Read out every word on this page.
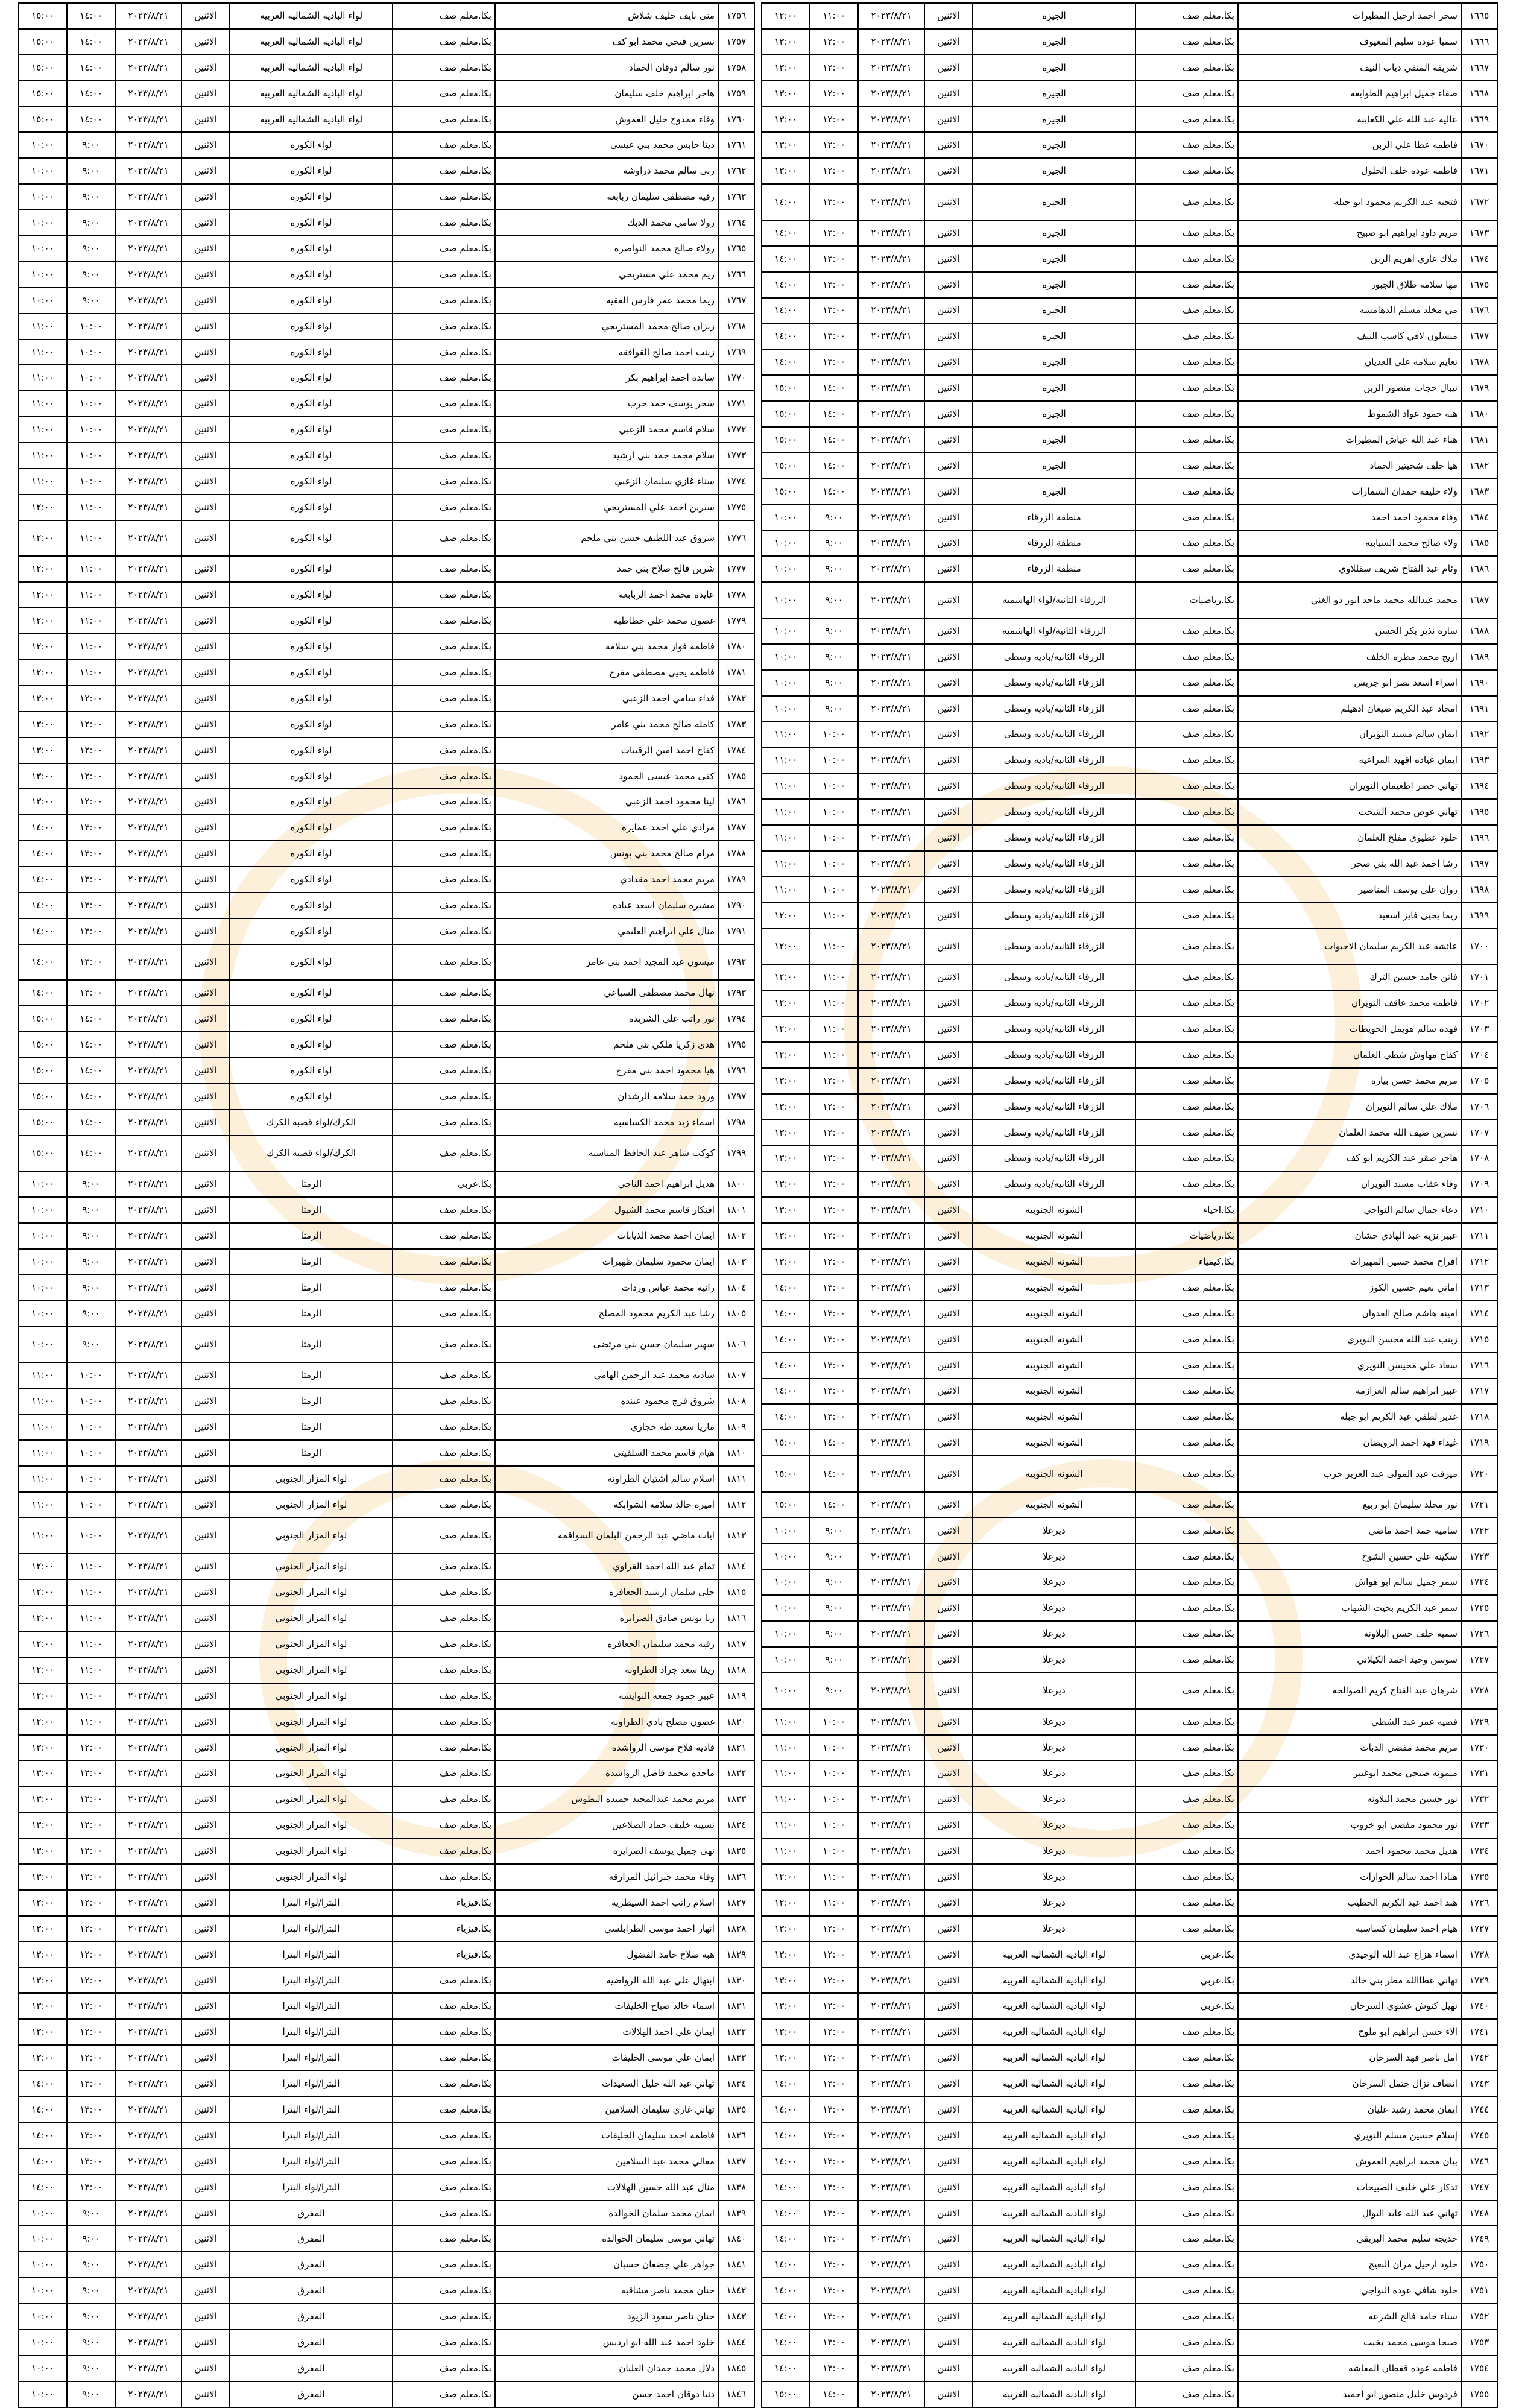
١٦٦٥	سحر احمد ارحيل المطيرات	بكا.معلم صف	الجيزه	الاثنين	٢٠٢٣/٨/٢١	١١:٠٠	١٢:٠٠
١٦٦٦	سميا عوده سليم المعيوف	بكا.معلم صف	الجيزه	الاثنين	٢٠٢٣/٨/٢١	١٢:٠٠	١٣:٠٠
١٦٦٧	شريفه المنقي دياب النيف	بكا.معلم صف	الجيزه	الاثنين	٢٠٢٣/٨/٢١	١٢:٠٠	١٣:٠٠
١٦٦٨	صفاء جميل ابراهيم الطوايعه	بكا.معلم صف	الجيزه	الاثنين	٢٠٢٣/٨/٢١	١٢:٠٠	١٣:٠٠
١٦٦٩	عاليه عبد الله علي الكعابنه	بكا.معلم صف	الجيزه	الاثنين	٢٠٢٣/٨/٢١	١٢:٠٠	١٣:٠٠
١٦٧٠	فاطمه عطا علي الزبن	بكا.معلم صف	الجيزه	الاثنين	٢٠٢٣/٨/٢١	١٢:٠٠	١٣:٠٠
١٦٧١	فاطمه عوده خلف الحلول	بكا.معلم صف	الجيزه	الاثنين	٢٠٢٣/٨/٢١	١٢:٠٠	١٣:٠٠
١٦٧٢	فتحيه عبد الكريم محمود ابو جبله	بكا.معلم صف	الجيزه	الاثنين	٢٠٢٣/٨/٢١	١٣:٠٠	١٤:٠٠
١٦٧٣	مريم داود ابراهيم ابو صبيح	بكا.معلم صف	الجيزه	الاثنين	٢٠٢٣/٨/٢١	١٣:٠٠	١٤:٠٠
١٦٧٤	ملاك غازي اهزيم الزبن	بكا.معلم صف	الجيزه	الاثنين	٢٠٢٣/٨/٢١	١٣:٠٠	١٤:٠٠
١٦٧٥	مها سلامه طلاق الجبور	بكا.معلم صف	الجيزه	الاثنين	٢٠٢٣/٨/٢١	١٣:٠٠	١٤:٠٠
١٦٧٦	مي مخلد مسلم الدهامشه	بكا.معلم صف	الجيزه	الاثنين	٢٠٢٣/٨/٢١	١٣:٠٠	١٤:٠٠
١٦٧٧	ميسلون لافي كاسب النيف	بكا.معلم صف	الجيزه	الاثنين	٢٠٢٣/٨/٢١	١٣:٠٠	١٤:٠٠
١٦٧٨	نعايم سلامه علي العديان	بكا.معلم صف	الجيزه	الاثنين	٢٠٢٣/٨/٢١	١٣:٠٠	١٤:٠٠
١٦٧٩	نيبال حجاب منصور الزبن	بكا.معلم صف	الجيزه	الاثنين	٢٠٢٣/٨/٢١	١٤:٠٠	١٥:٠٠
١٦٨٠	هبه حمود عواد الشموط	بكا.معلم صف	الجيزه	الاثنين	٢٠٢٣/٨/٢١	١٤:٠٠	١٥:٠٠
١٦٨١	هناء عبد الله عياش المطيرات	بكا.معلم صف	الجيزه	الاثنين	٢٠٢٣/٨/٢١	١٤:٠٠	١٥:٠٠
١٦٨٢	هيا خلف شخيتير الحماد	بكا.معلم صف	الجيزه	الاثنين	٢٠٢٣/٨/٢١	١٤:٠٠	١٥:٠٠
١٦٨٣	ولاء خليفه حمدان السمارات	بكا.معلم صف	الجيزه	الاثنين	٢٠٢٣/٨/٢١	١٤:٠٠	١٥:٠٠
١٦٨٤	وفاء محمود احمد احمد	بكا.معلم صف	منطقة الزرقاء	الاثنين	٢٠٢٣/٨/٢١	٩:٠٠	١٠:٠٠
١٦٨٥	ولاء صالح محمد السبابيه	بكا.معلم صف	منطقة الزرقاء	الاثنين	٢٠٢٣/٨/٢١	٩:٠٠	١٠:٠٠
١٦٨٦	وئام عبد الفتاح شريف سقللاوي	بكا.معلم صف	منطقة الزرقاء	الاثنين	٢٠٢٣/٨/٢١	٩:٠٠	١٠:٠٠
١٦٨٧	محمد عبدالله محمد ماجد انور ذو الغني	بكا.رياضيات	الزرقاء الثانيه/لواء الهاشميه	الاثنين	٢٠٢٣/٨/٢١	٩:٠٠	١٠:٠٠
١٦٨٨	ساره نذير بكر الحسن	بكا.معلم صف	الزرقاء الثانيه/لواء الهاشميه	الاثنين	٢٠٢٣/٨/٢١	٩:٠٠	١٠:٠٠
١٦٨٩	اريج محمد مطره الخلف	بكا.معلم صف	الزرقاء الثانيه/باديه وسطى	الاثنين	٢٠٢٣/٨/٢١	٩:٠٠	١٠:٠٠
١٦٩٠	اسراء اسعد نصر ابو جريس	بكا.معلم صف	الزرقاء الثانيه/باديه وسطى	الاثنين	٢٠٢٣/٨/٢١	٩:٠٠	١٠:٠٠
١٦٩١	امجاد عبد الكريم ضيعان ادهيلم	بكا.معلم صف	الزرقاء الثانيه/باديه وسطى	الاثنين	٢٠٢٣/٨/٢١	٩:٠٠	١٠:٠٠
١٦٩٢	ايمان سالم مسند النويران	بكا.معلم صف	الزرقاء الثانيه/باديه وسطى	الاثنين	٢٠٢٣/٨/٢١	١٠:٠٠	١١:٠٠
١٦٩٣	ايمان عياده اقهيد المراعيه	بكا.معلم صف	الزرقاء الثانيه/باديه وسطى	الاثنين	٢٠٢٣/٨/٢١	١٠:٠٠	١١:٠٠
١٦٩٤	تهاني خضر اطعيمان النويران	بكا.معلم صف	الزرقاء الثانيه/باديه وسطى	الاثنين	٢٠٢٣/٨/٢١	١٠:٠٠	١١:٠٠
١٦٩٥	تهاني عوض محمد الشحت	بكا.معلم صف	الزرقاء الثانيه/باديه وسطى	الاثنين	٢٠٢٣/٨/٢١	١٠:٠٠	١١:٠٠
١٦٩٦	خلود عطيوي مفلح العلمان	بكا.معلم صف	الزرقاء الثانيه/باديه وسطى	الاثنين	٢٠٢٣/٨/٢١	١٠:٠٠	١١:٠٠
١٦٩٧	رشا احمد عبد الله بني صخر	بكا.معلم صف	الزرقاء الثانيه/باديه وسطى	الاثنين	٢٠٢٣/٨/٢١	١٠:٠٠	١١:٠٠
١٦٩٨	روان علي يوسف المناصير	بكا.معلم صف	الزرقاء الثانيه/باديه وسطى	الاثنين	٢٠٢٣/٨/٢١	١٠:٠٠	١١:٠٠
١٦٩٩	ريما يحيى فايز اسعيد	بكا.معلم صف	الزرقاء الثانيه/باديه وسطى	الاثنين	٢٠٢٣/٨/٢١	١١:٠٠	١٢:٠٠
١٧٠٠	عائشه عبد الكريم سليمان الاحيوات	بكا.معلم صف	الزرقاء الثانيه/باديه وسطى	الاثنين	٢٠٢٣/٨/٢١	١١:٠٠	١٢:٠٠
١٧٠١	فاتن حامد حسين الترك	بكا.معلم صف	الزرقاء الثانيه/باديه وسطى	الاثنين	٢٠٢٣/٨/٢١	١١:٠٠	١٢:٠٠
١٧٠٢	فاطمه محمد عاقف النويران	بكا.معلم صف	الزرقاء الثانيه/باديه وسطى	الاثنين	٢٠٢٣/٨/٢١	١١:٠٠	١٢:٠٠
١٧٠٣	فهده سالم هويمل الحويطات	بكا.معلم صف	الزرقاء الثانيه/باديه وسطى	الاثنين	٢٠٢٣/٨/٢١	١١:٠٠	١٢:٠٠
١٧٠٤	كفاح مهاوش شطي العلمان	بكا.معلم صف	الزرقاء الثانيه/باديه وسطى	الاثنين	٢٠٢٣/٨/٢١	١١:٠٠	١٢:٠٠
١٧٠٥	مريم محمد حسن بياره	بكا.معلم صف	الزرقاء الثانيه/باديه وسطى	الاثنين	٢٠٢٣/٨/٢١	١٢:٠٠	١٣:٠٠
١٧٠٦	ملاك علي سالم النويران	بكا.معلم صف	الزرقاء الثانيه/باديه وسطى	الاثنين	٢٠٢٣/٨/٢١	١٢:٠٠	١٣:٠٠
١٧٠٧	نسرين ضيف الله محمد العلمان	بكا.معلم صف	الزرقاء الثانيه/باديه وسطى	الاثنين	٢٠٢٣/٨/٢١	١٢:٠٠	١٣:٠٠
١٧٠٨	هاجر صقر عبد الكريم ابو كف	بكا.معلم صف	الزرقاء الثانيه/باديه وسطى	الاثنين	٢٠٢٣/٨/٢١	١٢:٠٠	١٣:٠٠
١٧٠٩	وفاء عقاب مسند النويران	بكا.معلم صف	الزرقاء الثانيه/باديه وسطى	الاثنين	٢٠٢٣/٨/٢١	١٢:٠٠	١٣:٠٠
١٧١٠	دعاء جمال سالم النواجي	بكا.احياء	الشونه الجنوبيه	الاثنين	٢٠٢٣/٨/٢١	١٢:٠٠	١٣:٠٠
١٧١١	عبير نزيه عبد الهادي خشان	بكا.رياضيات	الشونه الجنوبيه	الاثنين	٢٠٢٣/٨/٢١	١٢:٠٠	١٣:٠٠
١٧١٢	افراح محمد حسين المهيرات	بكا.كيمياء	الشونه الجنوبيه	الاثنين	٢٠٢٣/٨/٢١	١٢:٠٠	١٣:٠٠
١٧١٣	اماني نعيم حسين الكوز	بكا.معلم صف	الشونه الجنوبيه	الاثنين	٢٠٢٣/٨/٢١	١٣:٠٠	١٤:٠٠
١٧١٤	امينه هاشم صالح العدوان	بكا.معلم صف	الشونه الجنوبيه	الاثنين	٢٠٢٣/٨/٢١	١٣:٠٠	١٤:٠٠
١٧١٥	زينب عبد الله محسن النويري	بكا.معلم صف	الشونه الجنوبيه	الاثنين	٢٠٢٣/٨/٢١	١٣:٠٠	١٤:٠٠
١٧١٦	سعاد علي محيسن النويري	بكا.معلم صف	الشونه الجنوبيه	الاثنين	٢٠٢٣/٨/٢١	١٣:٠٠	١٤:٠٠
١٧١٧	عبير ابراهيم سالم العزازمه	بكا.معلم صف	الشونه الجنوبيه	الاثنين	٢٠٢٣/٨/٢١	١٣:٠٠	١٤:٠٠
١٧١٨	غدير لطفي عبد الكريم ابو جبله	بكا.معلم صف	الشونه الجنوبيه	الاثنين	٢٠٢٣/٨/٢١	١٣:٠٠	١٤:٠٠
١٧١٩	غيداء فهد احمد الرويضان	بكا.معلم صف	الشونه الجنوبيه	الاثنين	٢٠٢٣/٨/٢١	١٤:٠٠	١٥:٠٠
١٧٢٠	ميرفت عبد المولى عبد العزيز حرب	بكا.معلم صف	الشونه الجنوبيه	الاثنين	٢٠٢٣/٨/٢١	١٤:٠٠	١٥:٠٠
١٧٢١	نور مخلد سليمان ابو ربيع	بكا.معلم صف	الشونه الجنوبيه	الاثنين	٢٠٢٣/٨/٢١	١٤:٠٠	١٥:٠٠
١٧٢٢	ساميه حمد احمد ماضي	بكا.معلم صف	ديرعلا	الاثنين	٢٠٢٣/٨/٢١	٩:٠٠	١٠:٠٠
١٧٢٣	سكينه علي حسين الشوح	بكا.معلم صف	ديرعلا	الاثنين	٢٠٢٣/٨/٢١	٩:٠٠	١٠:٠٠
١٧٢٤	سمر جميل سالم ابو هواش	بكا.معلم صف	ديرعلا	الاثنين	٢٠٢٣/٨/٢١	٩:٠٠	١٠:٠٠
١٧٢٥	سمر عبد الكريم بخيت الشهاب	بكا.معلم صف	ديرعلا	الاثنين	٢٠٢٣/٨/٢١	٩:٠٠	١٠:٠٠
١٧٢٦	سميه خلف حسن البلاونه	بكا.معلم صف	ديرعلا	الاثنين	٢٠٢٣/٨/٢١	٩:٠٠	١٠:٠٠
١٧٢٧	سوسن وحيد احمد الكيلاني	بكا.معلم صف	ديرعلا	الاثنين	٢٠٢٣/٨/٢١	٩:٠٠	١٠:٠٠
١٧٢٨	شرهان عبد القتاح كريم الصوالحه	بكا.معلم صف	ديرعلا	الاثنين	٢٠٢٣/٨/٢١	٩:٠٠	١٠:٠٠
١٧٢٩	فضيه عمر عبد الشطي	بكا.معلم صف	ديرعلا	الاثنين	٢٠٢٣/٨/٢١	١٠:٠٠	١١:٠٠
١٧٣٠	مريم محمد مفضي الدبات	بكا.معلم صف	ديرعلا	الاثنين	٢٠٢٣/٨/٢١	١٠:٠٠	١١:٠٠
١٧٣١	ميمونه صبحي محمد ابوغبير	بكا.معلم صف	ديرعلا	الاثنين	٢٠٢٣/٨/٢١	١٠:٠٠	١١:٠٠
١٧٣٢	نور حسين محمد البلاونه	بكا.معلم صف	ديرعلا	الاثنين	٢٠٢٣/٨/٢١	١٠:٠٠	١١:٠٠
١٧٣٣	نور محمود مفضي ابو خروب	بكا.معلم صف	ديرعلا	الاثنين	٢٠٢٣/٨/٢١	١٠:٠٠	١١:٠٠
١٧٣٤	هديل محمد محمود احمد	بكا.معلم صف	ديرعلا	الاثنين	٢٠٢٣/٨/٢١	١٠:٠٠	١١:٠٠
١٧٣٥	هنادا احمد سالم الحوارات	بكا.معلم صف	ديرعلا	الاثنين	٢٠٢٣/٨/٢١	١١:٠٠	١٢:٠٠
١٧٣٦	هند احمد عبد الكريم الخطيب	بكا.معلم صف	ديرعلا	الاثنين	٢٠٢٣/٨/٢١	١١:٠٠	١٢:٠٠
١٧٣٧	هيام احمد سليمان كساسبه	بكا.معلم صف	ديرعلا	الاثنين	٢٠٢٣/٨/٢١	١٢:٠٠	١٣:٠٠
١٧٣٨	اسماء هزاع عبد الله الوحيدي	بكا.عربي	لواء الباديه الشماليه الغربيه	الاثنين	٢٠٢٣/٨/٢١	١٢:٠٠	١٣:٠٠
١٧٣٩	تهاني عطاالله مطر بني خالد	بكا.عربي	لواء الباديه الشماليه الغربيه	الاثنين	٢٠٢٣/٨/٢١	١٢:٠٠	١٣:٠٠
١٧٤٠	نهيل كنوش عشوي السرحان	بكا.عربي	لواء الباديه الشماليه الغربيه	الاثنين	٢٠٢٣/٨/٢١	١٢:٠٠	١٣:٠٠
١٧٤١	الاء حسن ابراهيم ابو ملوح	بكا.معلم صف	لواء الباديه الشماليه الغربيه	الاثنين	٢٠٢٣/٨/٢١	١٢:٠٠	١٣:٠٠
١٧٤٢	امل ناصر فهد السرحان	بكا.معلم صف	لواء الباديه الشماليه الغربيه	الاثنين	٢٠٢٣/٨/٢١	١٢:٠٠	١٣:٠٠
١٧٤٣	انصاف نزال حتمل السرحان	بكا.معلم صف	لواء الباديه الشماليه الغربيه	الاثنين	٢٠٢٣/٨/٢١	١٣:٠٠	١٤:٠٠
١٧٤٤	ايمان محمد رشيد عليان	بكا.معلم صف	لواء الباديه الشماليه الغربيه	الاثنين	٢٠٢٣/٨/٢١	١٣:٠٠	١٤:٠٠
١٧٤٥	إسلام حسين مسلم النويري	بكا.معلم صف	لواء الباديه الشماليه الغربيه	الاثنين	٢٠٢٣/٨/٢١	١٣:٠٠	١٤:٠٠
١٧٤٦	بيان محمد ابراهيم العموش	بكا.معلم صف	لواء الباديه الشماليه الغربيه	الاثنين	٢٠٢٣/٨/٢١	١٣:٠٠	١٤:٠٠
١٧٤٧	تذكار علي خليف الصبيحات	بكا.معلم صف	لواء الباديه الشماليه الغربيه	الاثنين	٢٠٢٣/٨/٢١	١٣:٠٠	١٤:٠٠
١٧٤٨	تهاني عبد الله عايد البوال	بكا.معلم صف	لواء الباديه الشماليه الغربيه	الاثنين	٢٠٢٣/٨/٢١	١٣:٠٠	١٤:٠٠
١٧٤٩	خديجه سليم محمد البريقي	بكا.معلم صف	لواء الباديه الشماليه الغربيه	الاثنين	٢٠٢٣/٨/٢١	١٣:٠٠	١٤:٠٠
١٧٥٠	خلود ارحيل مران البعيج	بكا.معلم صف	لواء الباديه الشماليه الغربيه	الاثنين	٢٠٢٣/٨/٢١	١٣:٠٠	١٤:٠٠
١٧٥١	خلود شافي عوده النواجي	بكا.معلم صف	لواء الباديه الشماليه الغربيه	الاثنين	٢٠٢٣/٨/٢١	١٣:٠٠	١٤:٠٠
١٧٥٢	سناء حامد فالح الشرعه	بكا.معلم صف	لواء الباديه الشماليه الغربيه	الاثنين	٢٠٢٣/٨/٢١	١٣:٠٠	١٤:٠٠
١٧٥٣	صبحا موسى محمد بخيت	بكا.معلم صف	لواء الباديه الشماليه الغربيه	الاثنين	٢٠٢٣/٨/٢١	١٣:٠٠	١٤:٠٠
١٧٥٤	فاطمه عوده قفطان المفاشه	بكا.معلم صف	لواء الباديه الشماليه الغربيه	الاثنين	٢٠٢٣/٨/٢١	١٣:٠٠	١٤:٠٠
١٧٥٥	فردوس خليل منصور ابو احميد	بكا.معلم صف	لواء الباديه الشماليه الغربيه	الاثنين	٢٠٢٣/٨/٢١	١٤:٠٠	١٥:٠٠
١٧٥٦	منى نايف خليف شلاش	بكا.معلم صف	لواء الباديه الشماليه الغربيه	الاثنين	٢٠٢٣/٨/٢١	١٤:٠٠	١٥:٠٠
١٧٥٧	نسرين فتحي محمد ابو كف	بكا.معلم صف	لواء الباديه الشماليه الغربيه	الاثنين	٢٠٢٣/٨/٢١	١٤:٠٠	١٥:٠٠
١٧٥٨	نور سالم دوقان الحماد	بكا.معلم صف	لواء الباديه الشماليه الغربيه	الاثنين	٢٠٢٣/٨/٢١	١٤:٠٠	١٥:٠٠
١٧٥٩	هاجر ابراهيم خلف سليمان	بكا.معلم صف	لواء الباديه الشماليه الغربيه	الاثنين	٢٠٢٣/٨/٢١	١٤:٠٠	١٥:٠٠
١٧٦٠	وفاء ممدوح خليل العموش	بكا.معلم صف	لواء الباديه الشماليه الغربيه	الاثنين	٢٠٢٣/٨/٢١	١٤:٠٠	١٥:٠٠
١٧٦١	دينا حابس محمد بني عيسى	بكا.معلم صف	لواء الكوره	الاثنين	٢٠٢٣/٨/٢١	٩:٠٠	١٠:٠٠
١٧٦٢	ربى سالم محمد دراوشه	بكا.معلم صف	لواء الكوره	الاثنين	٢٠٢٣/٨/٢١	٩:٠٠	١٠:٠٠
١٧٦٣	رقيه مصطفى سليمان ربابعه	بكا.معلم صف	لواء الكوره	الاثنين	٢٠٢٣/٨/٢١	٩:٠٠	١٠:٠٠
١٧٦٤	رولا سامي محمد الدبك	بكا.معلم صف	لواء الكوره	الاثنين	٢٠٢٣/٨/٢١	٩:٠٠	١٠:٠٠
١٧٦٥	رولاء صالح محمد النواصره	بكا.معلم صف	لواء الكوره	الاثنين	٢٠٢٣/٨/٢١	٩:٠٠	١٠:٠٠
١٧٦٦	ريم محمد علي مستريحي	بكا.معلم صف	لواء الكوره	الاثنين	٢٠٢٣/٨/٢١	٩:٠٠	١٠:٠٠
١٧٦٧	ريما محمد عمر فارس الفقيه	بكا.معلم صف	لواء الكوره	الاثنين	٢٠٢٣/٨/٢١	٩:٠٠	١٠:٠٠
١٧٦٨	زيزان صالح محمد المستريحي	بكا.معلم صف	لواء الكوره	الاثنين	٢٠٢٣/٨/٢١	١٠:٠٠	١١:٠٠
١٧٦٩	زينب احمد صالح القوافقه	بكا.معلم صف	لواء الكوره	الاثنين	٢٠٢٣/٨/٢١	١٠:٠٠	١١:٠٠
١٧٧٠	سانده احمد ابراهيم بكر	بكا.معلم صف	لواء الكوره	الاثنين	٢٠٢٣/٨/٢١	١٠:٠٠	١١:٠٠
١٧٧١	سحر يوسف حمد حرب	بكا.معلم صف	لواء الكوره	الاثنين	٢٠٢٣/٨/٢١	١٠:٠٠	١١:٠٠
١٧٧٢	سلام قاسم محمد الزعبي	بكا.معلم صف	لواء الكوره	الاثنين	٢٠٢٣/٨/٢١	١٠:٠٠	١١:٠٠
١٧٧٣	سلام محمد حمد بني ارشيد	بكا.معلم صف	لواء الكوره	الاثنين	٢٠٢٣/٨/٢١	١٠:٠٠	١١:٠٠
١٧٧٤	سناء غازي سليمان الزعبي	بكا.معلم صف	لواء الكوره	الاثنين	٢٠٢٣/٨/٢١	١٠:٠٠	١١:٠٠
١٧٧٥	سيرين احمد علي المستريحي	بكا.معلم صف	لواء الكوره	الاثنين	٢٠٢٣/٨/٢١	١١:٠٠	١٢:٠٠
١٧٧٦	شروق عبد اللطيف حسن بني ملحم	بكا.معلم صف	لواء الكوره	الاثنين	٢٠٢٣/٨/٢١	١١:٠٠	١٢:٠٠
١٧٧٧	شرين فالح صلاح بني حمد	بكا.معلم صف	لواء الكوره	الاثنين	٢٠٢٣/٨/٢١	١١:٠٠	١٢:٠٠
١٧٧٨	عايده محمد احمد الربابعه	بكا.معلم صف	لواء الكوره	الاثنين	٢٠٢٣/٨/٢١	١١:٠٠	١٢:٠٠
١٧٧٩	غصون محمد علي خطاطبه	بكا.معلم صف	لواء الكوره	الاثنين	٢٠٢٣/٨/٢١	١١:٠٠	١٢:٠٠
١٧٨٠	فاطمه فواز محمد بني سلامه	بكا.معلم صف	لواء الكوره	الاثنين	٢٠٢٣/٨/٢١	١١:٠٠	١٢:٠٠
١٧٨١	فاطمه يحيى مصطفى مفرج	بكا.معلم صف	لواء الكوره	الاثنين	٢٠٢٣/٨/٢١	١١:٠٠	١٢:٠٠
١٧٨٢	فداء سامي احمد الزعبي	بكا.معلم صف	لواء الكوره	الاثنين	٢٠٢٣/٨/٢١	١٢:٠٠	١٣:٠٠
١٧٨٣	كامله صالح محمد بني عامر	بكا.معلم صف	لواء الكوره	الاثنين	٢٠٢٣/٨/٢١	١٢:٠٠	١٣:٠٠
١٧٨٤	كفاح احمد امين الرقيبات	بكا.معلم صف	لواء الكوره	الاثنين	٢٠٢٣/٨/٢١	١٢:٠٠	١٣:٠٠
١٧٨٥	كفى محمد عيسى الحمود	بكا.معلم صف	لواء الكوره	الاثنين	٢٠٢٣/٨/٢١	١٢:٠٠	١٣:٠٠
١٧٨٦	لينا محمود احمد الزعبي	بكا.معلم صف	لواء الكوره	الاثنين	٢٠٢٣/٨/٢١	١٢:٠٠	١٣:٠٠
١٧٨٧	مرادي علي احمد عمايره	بكا.معلم صف	لواء الكوره	الاثنين	٢٠٢٣/٨/٢١	١٣:٠٠	١٤:٠٠
١٧٨٨	مرام صالح محمد بني يونس	بكا.معلم صف	لواء الكوره	الاثنين	٢٠٢٣/٨/٢١	١٣:٠٠	١٤:٠٠
١٧٨٩	مريم محمد احمد مقدادي	بكا.معلم صف	لواء الكوره	الاثنين	٢٠٢٣/٨/٢١	١٣:٠٠	١٤:٠٠
١٧٩٠	مشيره سليمان اسعد عباده	بكا.معلم صف	لواء الكوره	الاثنين	٢٠٢٣/٨/٢١	١٣:٠٠	١٤:٠٠
١٧٩١	منال علي ابراهيم العليمي	بكا.معلم صف	لواء الكوره	الاثنين	٢٠٢٣/٨/٢١	١٣:٠٠	١٤:٠٠
١٧٩٢	ميسون عبد المجيد احمد بني عامر	بكا.معلم صف	لواء الكوره	الاثنين	٢٠٢٣/٨/٢١	١٣:٠٠	١٤:٠٠
١٧٩٣	نهال محمد مصطفى السباعي	بكا.معلم صف	لواء الكوره	الاثنين	٢٠٢٣/٨/٢١	١٣:٠٠	١٤:٠٠
١٧٩٤	نور راتب علي الشريده	بكا.معلم صف	لواء الكوره	الاثنين	٢٠٢٣/٨/٢١	١٤:٠٠	١٥:٠٠
١٧٩٥	هدى زكريا ملكي بني ملحم	بكا.معلم صف	لواء الكوره	الاثنين	٢٠٢٣/٨/٢١	١٤:٠٠	١٥:٠٠
١٧٩٦	هيا محمود احمد بني مفرج	بكا.معلم صف	لواء الكوره	الاثنين	٢٠٢٣/٨/٢١	١٤:٠٠	١٥:٠٠
١٧٩٧	ورود حمد سلامه الرشدان	بكا.معلم صف	لواء الكوره	الاثنين	٢٠٢٣/٨/٢١	١٤:٠٠	١٥:٠٠
١٧٩٨	اسماء زيد محمد الكساسبه	بكا.معلم صف	الكرك/لواء قصبه الكرك	الاثنين	٢٠٢٣/٨/٢١	١٤:٠٠	١٥:٠٠
١٧٩٩	كوكب شاهر عبد الحافظ المناسيه	بكا.معلم صف	الكرك/لواء قصبه الكرك	الاثنين	٢٠٢٣/٨/٢١	١٤:٠٠	١٥:٠٠
١٨٠٠	هديل ابراهيم احمد الناجي	بكا.عربي	الرمثا	الاثنين	٢٠٢٣/٨/٢١	٩:٠٠	١٠:٠٠
١٨٠١	افتكار قاسم محمد الشبول	بكا.معلم صف	الرمثا	الاثنين	٢٠٢٣/٨/٢١	٩:٠٠	١٠:٠٠
١٨٠٢	ايمان احمد محمد الذيابات	بكا.معلم صف	الرمثا	الاثنين	٢٠٢٣/٨/٢١	٩:٠٠	١٠:٠٠
١٨٠٣	ايمان محمود سليمان ظهيرات	بكا.معلم صف	الرمثا	الاثنين	٢٠٢٣/٨/٢١	٩:٠٠	١٠:٠٠
١٨٠٤	رانيه محمد عباس ورداث	بكا.معلم صف	الرمثا	الاثنين	٢٠٢٣/٨/٢١	٩:٠٠	١٠:٠٠
١٨٠٥	رشا عبد الكريم محمود المصلح	بكا.معلم صف	الرمثا	الاثنين	٢٠٢٣/٨/٢١	٩:٠٠	١٠:٠٠
١٨٠٦	سهير سليمان حسن بني مرتضى	بكا.معلم صف	الرمثا	الاثنين	٢٠٢٣/٨/٢١	٩:٠٠	١٠:٠٠
١٨٠٧	شاديه محمد عبد الرحمن الهامي	بكا.معلم صف	الرمثا	الاثنين	٢٠٢٣/٨/٢١	١٠:٠٠	١١:٠٠
١٨٠٨	شروق فرج محمود عبنده	بكا.معلم صف	الرمثا	الاثنين	٢٠٢٣/٨/٢١	١٠:٠٠	١١:٠٠
١٨٠٩	ماريا سعيد طه حجازي	بكا.معلم صف	الرمثا	الاثنين	٢٠٢٣/٨/٢١	١٠:٠٠	١١:٠٠
١٨١٠	هيام قاسم محمد السلفيتي	بكا.معلم صف	الرمثا	الاثنين	٢٠٢٣/٨/٢١	١٠:٠٠	١١:٠٠
١٨١١	اسلام سالم اشتيان الطراونه	بكا.معلم صف	لواء المزار الجنوبي	الاثنين	٢٠٢٣/٨/٢١	١٠:٠٠	١١:٠٠
١٨١٢	اميره خالد سلامه الشوابكه	بكا.معلم صف	لواء المزار الجنوبي	الاثنين	٢٠٢٣/٨/٢١	١٠:٠٠	١١:٠٠
١٨١٣	ايات ماضي عبد الرحمن البلمان السواقمه	بكا.معلم صف	لواء المزار الجنوبي	الاثنين	٢٠٢٣/٨/٢١	١٠:٠٠	١١:٠٠
١٨١٤	تمام عبد الله احمد القراوي	بكا.معلم صف	لواء المزار الجنوبي	الاثنين	٢٠٢٣/٨/٢١	١١:٠٠	١٢:٠٠
١٨١٥	حلى سلمان ارشيد الجعافره	بكا.معلم صف	لواء المزار الجنوبي	الاثنين	٢٠٢٣/٨/٢١	١١:٠٠	١٢:٠٠
١٨١٦	ربا يونس صادق الصرايره	بكا.معلم صف	لواء المزار الجنوبي	الاثنين	٢٠٢٣/٨/٢١	١١:٠٠	١٢:٠٠
١٨١٧	رقيه محمد سليمان الجعافره	بكا.معلم صف	لواء المزار الجنوبي	الاثنين	٢٠٢٣/٨/٢١	١١:٠٠	١٢:٠٠
١٨١٨	ريفا سعد جراد الطراونه	بكا.معلم صف	لواء المزار الجنوبي	الاثنين	٢٠٢٣/٨/٢١	١١:٠٠	١٢:٠٠
١٨١٩	عبير حمود جمعه النوايسه	بكا.معلم صف	لواء المزار الجنوبي	الاثنين	٢٠٢٣/٨/٢١	١١:٠٠	١٢:٠٠
١٨٢٠	غصون مصلح بادي الطراونه	بكا.معلم صف	لواء المزار الجنوبي	الاثنين	٢٠٢٣/٨/٢١	١١:٠٠	١٢:٠٠
١٨٢١	فاديه فلاح موسى الرواشده	بكا.معلم صف	لواء المزار الجنوبي	الاثنين	٢٠٢٣/٨/٢١	١٢:٠٠	١٣:٠٠
١٨٢٢	ماجده محمد فاضل الرواشده	بكا.معلم صف	لواء المزار الجنوبي	الاثنين	٢٠٢٣/٨/٢١	١٢:٠٠	١٣:٠٠
١٨٢٣	مريم محمد عبدالمجيد حميده البطوش	بكا.معلم صف	لواء المزار الجنوبي	الاثنين	٢٠٢٣/٨/٢١	١٢:٠٠	١٣:٠٠
١٨٢٤	نسيبه خليف حماد الضلاعين	بكا.معلم صف	لواء المزار الجنوبي	الاثنين	٢٠٢٣/٨/٢١	١٢:٠٠	١٣:٠٠
١٨٢٥	نهى جميل يوسف الصرايره	بكا.معلم صف	لواء المزار الجنوبي	الاثنين	٢٠٢٣/٨/٢١	١٢:٠٠	١٣:٠٠
١٨٢٦	وفاء محمد جبرائيل المرازقه	بكا.معلم صف	لواء المزار الجنوبي	الاثنين	٢٠٢٣/٨/٢١	١٢:٠٠	١٣:٠٠
١٨٢٧	اسلام راتب احمد السيطريه	بكا.فيزياء	البترا/لواء البترا	الاثنين	٢٠٢٣/٨/٢١	١٢:٠٠	١٣:٠٠
١٨٢٨	انهار احمد موسى الطرابلسي	بكا.فيزياء	البترا/لواء البترا	الاثنين	٢٠٢٣/٨/٢١	١٢:٠٠	١٣:٠٠
١٨٢٩	هبه صلاح حامد الفضول	بكا.فيزياء	البترا/لواء البترا	الاثنين	٢٠٢٣/٨/٢١	١٢:٠٠	١٣:٠٠
١٨٣٠	ابتهال علي عبد الله الرواضيه	بكا.معلم صف	البترا/لواء البترا	الاثنين	٢٠٢٣/٨/٢١	١٢:٠٠	١٣:٠٠
١٨٣١	اسماء خالد صباح الخليفات	بكا.معلم صف	البترا/لواء البترا	الاثنين	٢٠٢٣/٨/٢١	١٢:٠٠	١٣:٠٠
١٨٣٢	ايمان علي احمد الهلالات	بكا.معلم صف	البترا/لواء البترا	الاثنين	٢٠٢٣/٨/٢١	١٢:٠٠	١٣:٠٠
١٨٣٣	ايمان علي موسى الخليفات	بكا.معلم صف	البترا/لواء البترا	الاثنين	٢٠٢٣/٨/٢١	١٢:٠٠	١٣:٠٠
١٨٣٤	تهاني عبد الله خليل السعيدات	بكا.معلم صف	البترا/لواء البترا	الاثنين	٢٠٢٣/٨/٢١	١٣:٠٠	١٤:٠٠
١٨٣٥	تهاني غازي سليمان السلامين	بكا.معلم صف	البترا/لواء البترا	الاثنين	٢٠٢٣/٨/٢١	١٣:٠٠	١٤:٠٠
١٨٣٦	فاطمه احمد سليمان الخليفات	بكا.معلم صف	البترا/لواء البترا	الاثنين	٢٠٢٣/٨/٢١	١٣:٠٠	١٤:٠٠
١٨٣٧	معالي محمد عبد السلامين	بكا.معلم صف	البترا/لواء البترا	الاثنين	٢٠٢٣/٨/٢١	١٣:٠٠	١٤:٠٠
١٨٣٨	منال عبد الله حسين الهلالات	بكا.معلم صف	البترا/لواء البترا	الاثنين	٢٠٢٣/٨/٢١	١٣:٠٠	١٤:٠٠
١٨٣٩	ايمان محمد سلمان الخوالده	بكا.معلم صف	المفرق	الاثنين	٢٠٢٣/٨/٢١	٩:٠٠	١٠:٠٠
١٨٤٠	تهاني موسى سليمان الخوالده	بكا.معلم صف	المفرق	الاثنين	٢٠٢٣/٨/٢١	٩:٠٠	١٠:٠٠
١٨٤١	جواهر علي جضعان حسبان	بكا.معلم صف	المفرق	الاثنين	٢٠٢٣/٨/٢١	٩:٠٠	١٠:٠٠
١٨٤٢	حنان محمد ناصر مشاقبه	بكا.معلم صف	المفرق	الاثنين	٢٠٢٣/٨/٢١	٩:٠٠	١٠:٠٠
١٨٤٣	حنان ناصر سعود الزيود	بكا.معلم صف	المفرق	الاثنين	٢٠٢٣/٨/٢١	٩:٠٠	١٠:٠٠
١٨٤٤	خلود احمد عبد الله ابو ارديس	بكا.معلم صف	المفرق	الاثنين	٢٠٢٣/٨/٢١	٩:٠٠	١٠:٠٠
١٨٤٥	دلال محمد حمدان العليان	بكا.معلم صف	المفرق	الاثنين	٢٠٢٣/٨/٢١	٩:٠٠	١٠:٠٠
١٨٤٦	دنيا دوقان احمد حسن	بكا.معلم صف	المفرق	الاثنين	٢٠٢٣/٨/٢١	٩:٠٠	١٠:٠٠
